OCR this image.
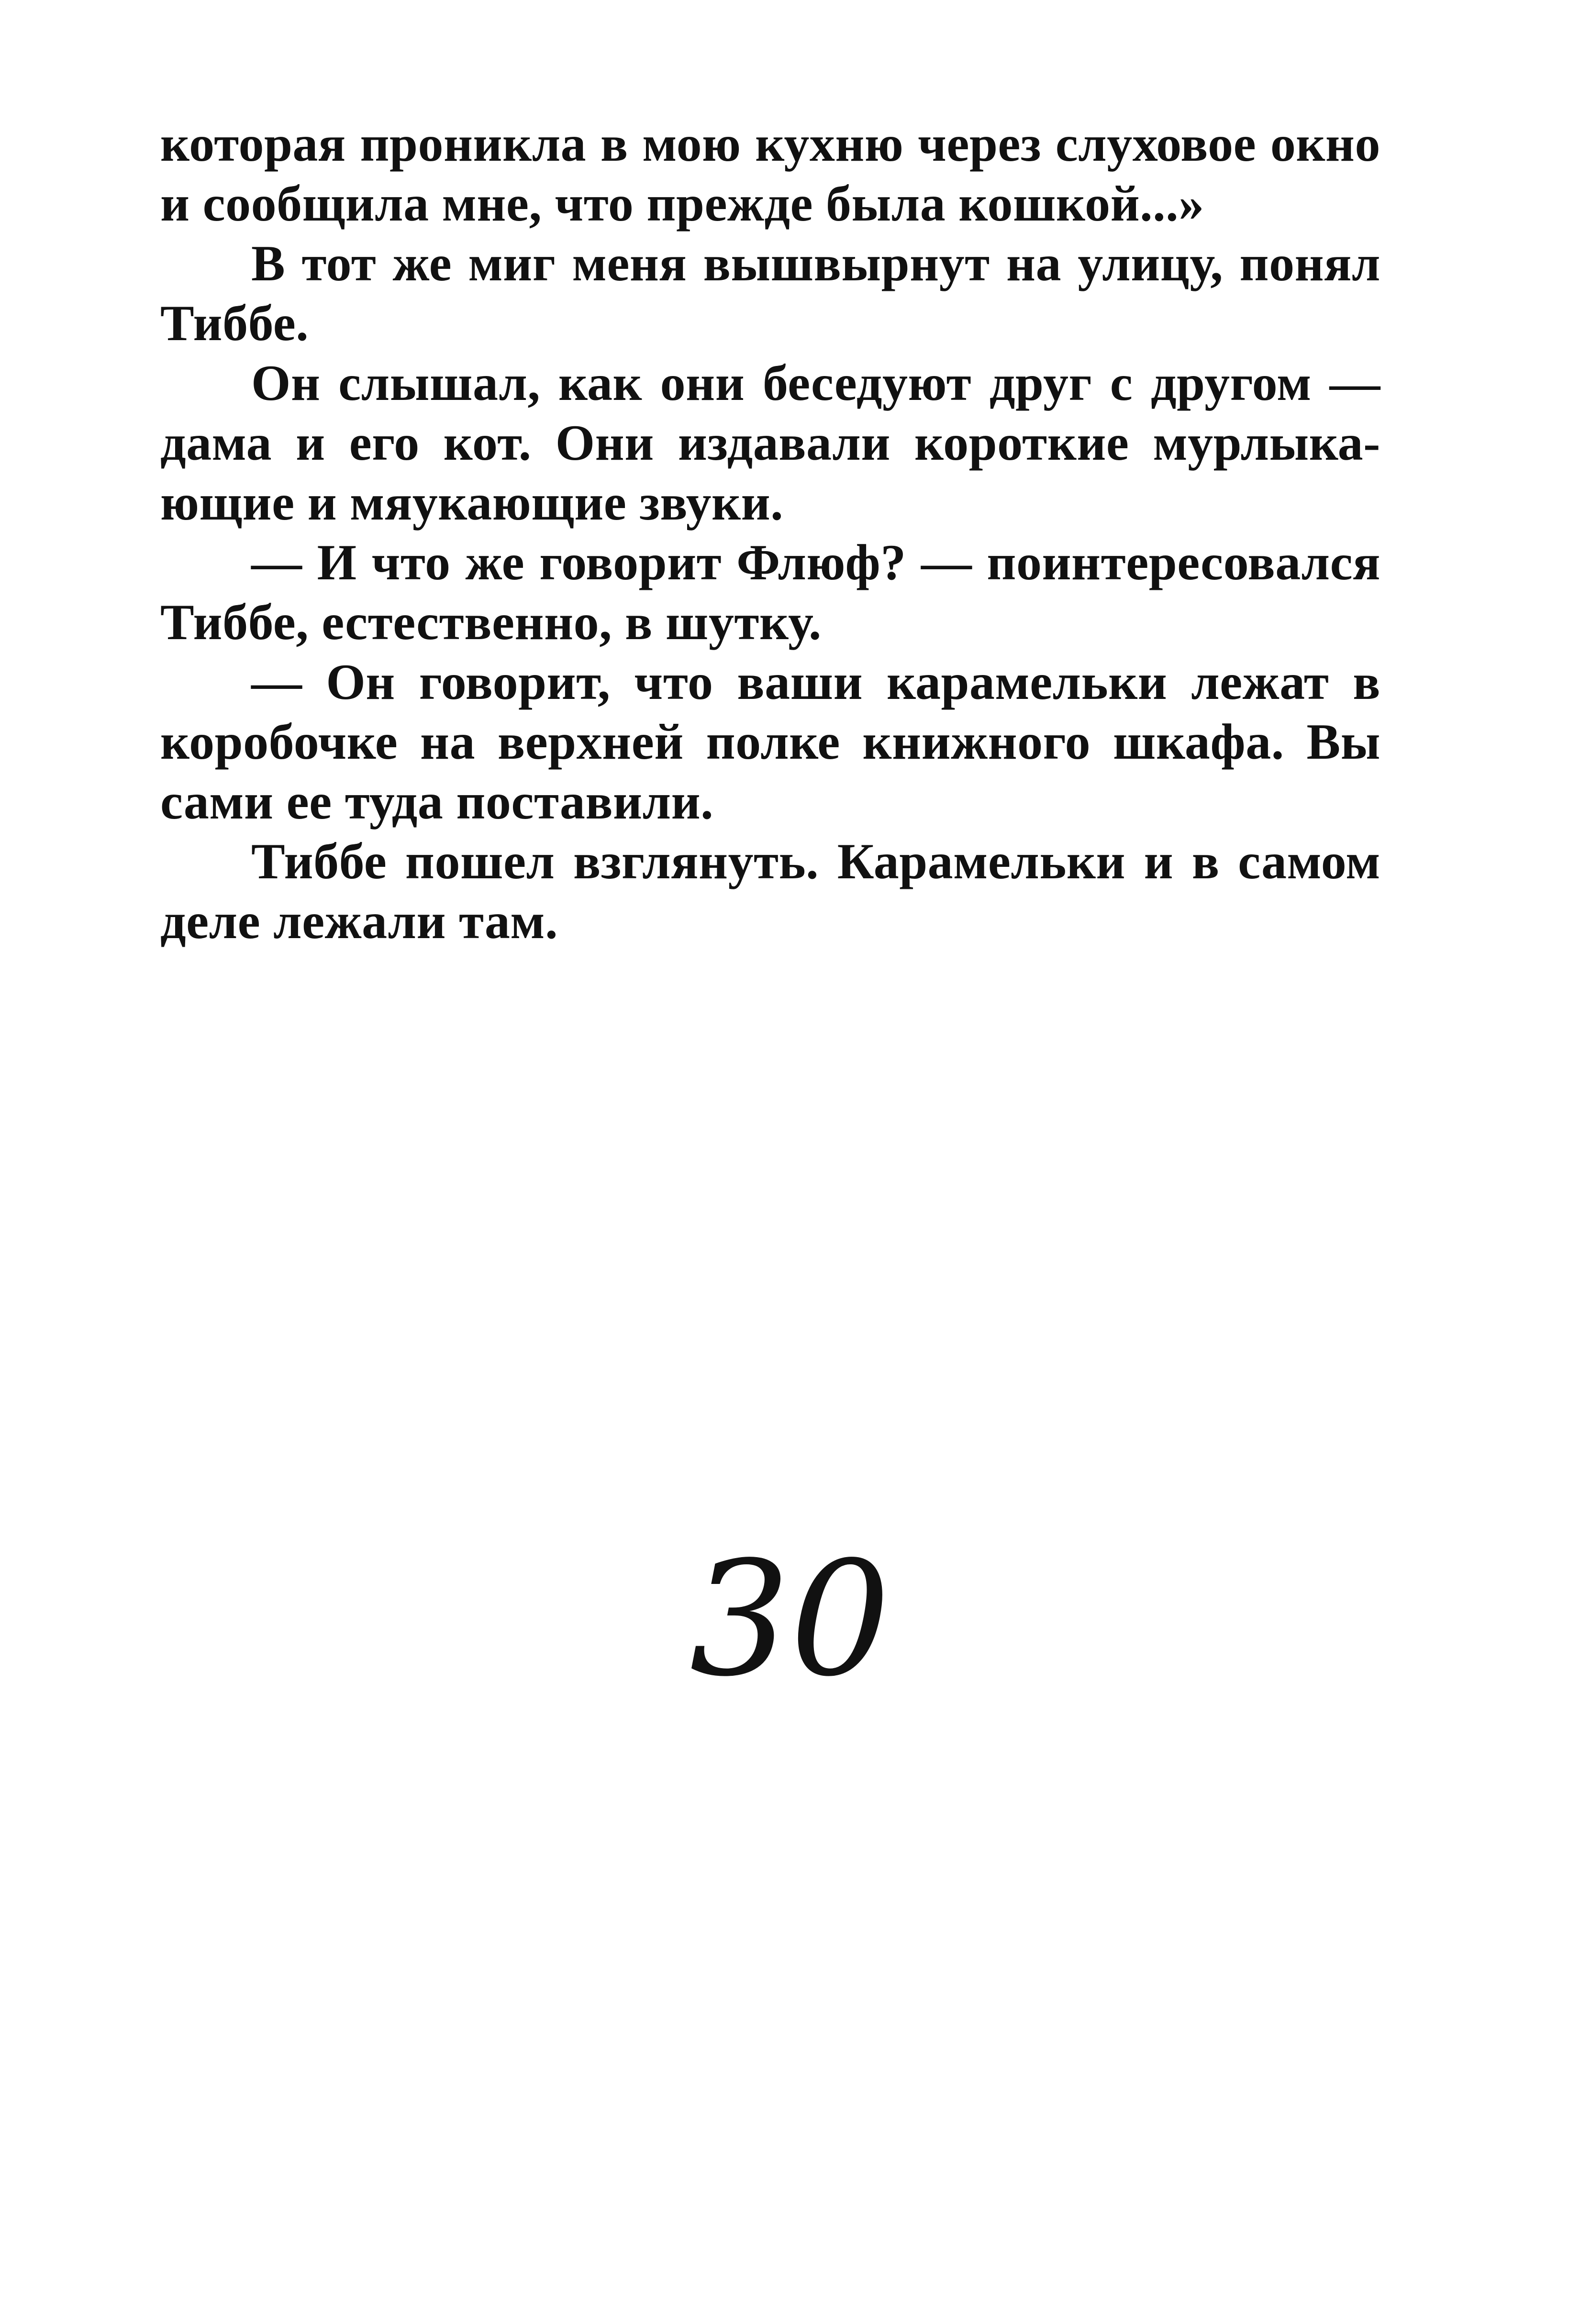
которая проникла в мою кухню через слуховое окно
и сообщила мне, что прежде была кошкой...»
В тот же миг меня вышвырнут на улицу, понял
Тиббе.
Он слышал, как они беседуют друг с другом —
дама и его кот. Они издавали короткие мурлыка-
ющие и мяукающие звуки.
— И что же говорит Флюф? — поинтересовался
Тиббе, естественно, в шутку.
— Он говорит, что ваши карамельки лежат в
коробочке на верхней полке книжного шкафа. Вы
сами ее туда поставили.
Тиббе пошел взглянуть. Карамельки и в самом
деле лежали там.
30
